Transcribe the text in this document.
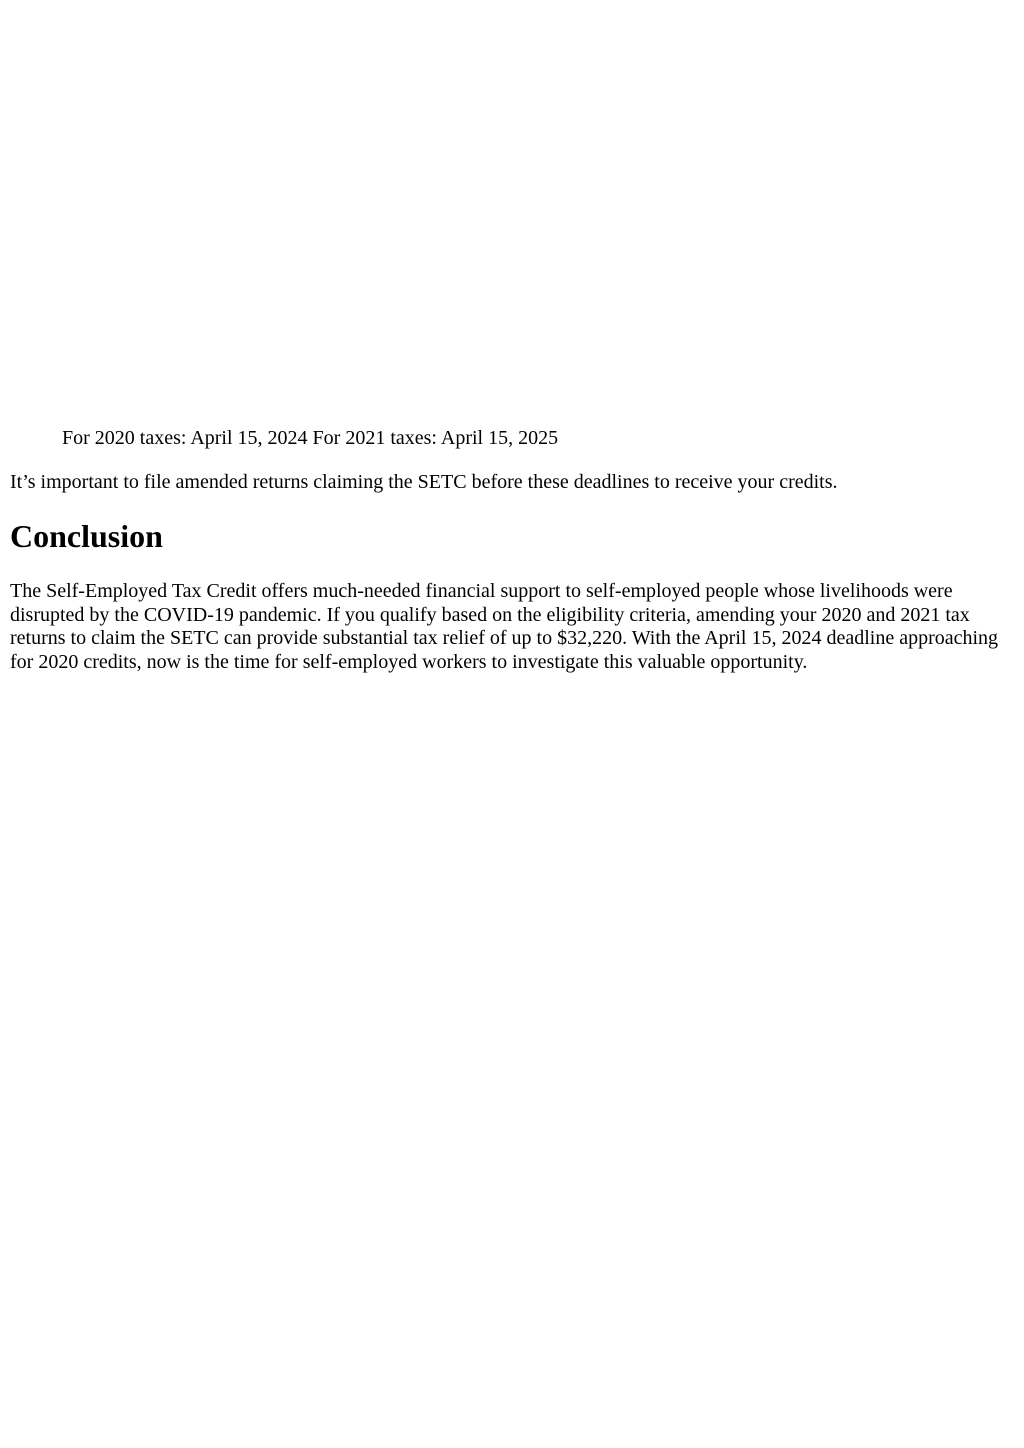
For 2020 taxes: April 15, 2024 For 2021 taxes: April 15, 2025

It’s important to file amended returns claiming the SETC before these deadlines to receive your credits.

Conclusion

The Self-Employed Tax Credit offers much-needed financial support to self-employed people whose livelihoods were disrupted by the COVID-19 pandemic. If you qualify based on the eligibility criteria, amending your 2020 and 2021 tax returns to claim the SETC can provide substantial tax relief of up to $32,220. With the April 15, 2024 deadline approaching for 2020 credits, now is the time for self-employed workers to investigate this valuable opportunity.
